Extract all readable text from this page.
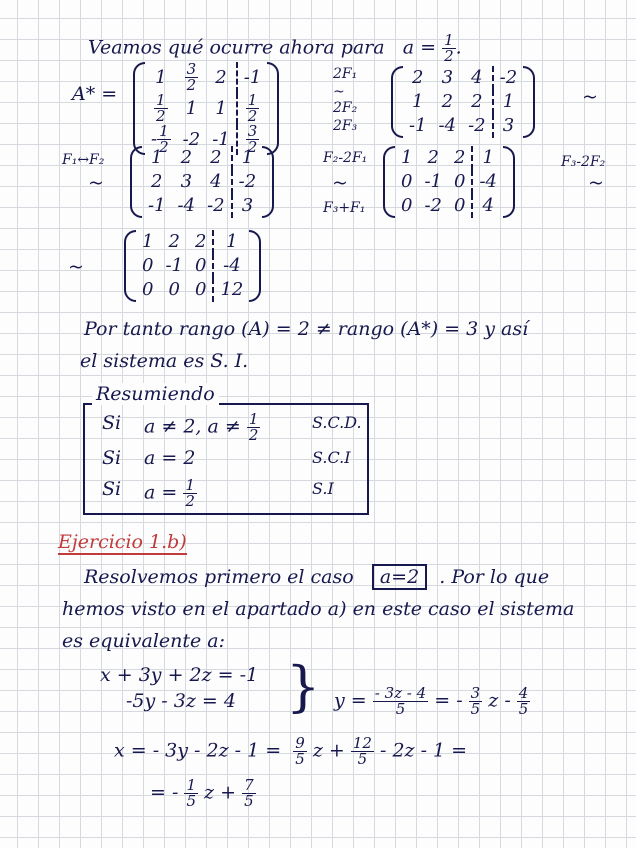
Veamos qué ocurre ahora para $a = \frac{1}{2}$ .
A* =
1	$\frac{3}{2}$	2	-1

$\frac{1}{2}$	1	1	$\frac{1}{2}$

- $\frac{1}{2}$	-2	-1	$\frac{3}{2}$
2F₁
~
2F₂
2F₃
2	3	4	-2
1	2	2	1
-1	-4	-2	3
~
F₁↔F₂
~
1	2	2	1
2	3	4	-2
-1	-4	-2	3
F₂-2F₁
~
F₃+F₁
1	2	2	1
0	-1	0	-4
0	-2	0	4
F₃-2F₂
~
~
1	2	2	1
0	-1	0	-4
0	0	0	12
Por tanto rango (A) = 2 ≠ rango (A*) = 3 y así
el sistema es S. I.
Resumiendo
Si a ≠ 2, $a \ne \frac{1}{2}$	S.C.D.
Si a = 2	S.C.I
Si $a = \frac{1}{2}$	S.I
Ejercicio 1.b)
Resolvemos primero el caso a=2 . Por lo que
hemos visto en el apartado a) en este caso el sistema
es equivalente a:
x + 3y + 2z = -1
-5y - 3z = 4 } $y = \frac{- 3z - 4}{5}$ = - $\frac{3}{5}$ z - $\frac{4}{5}$
x = - $3y - 2z - 1 = \frac{9}{5}$ $z + \frac{12}{5} - 2z - 1$ =
= - $\frac{1}{5}$ $z + \frac{7}{5}$
